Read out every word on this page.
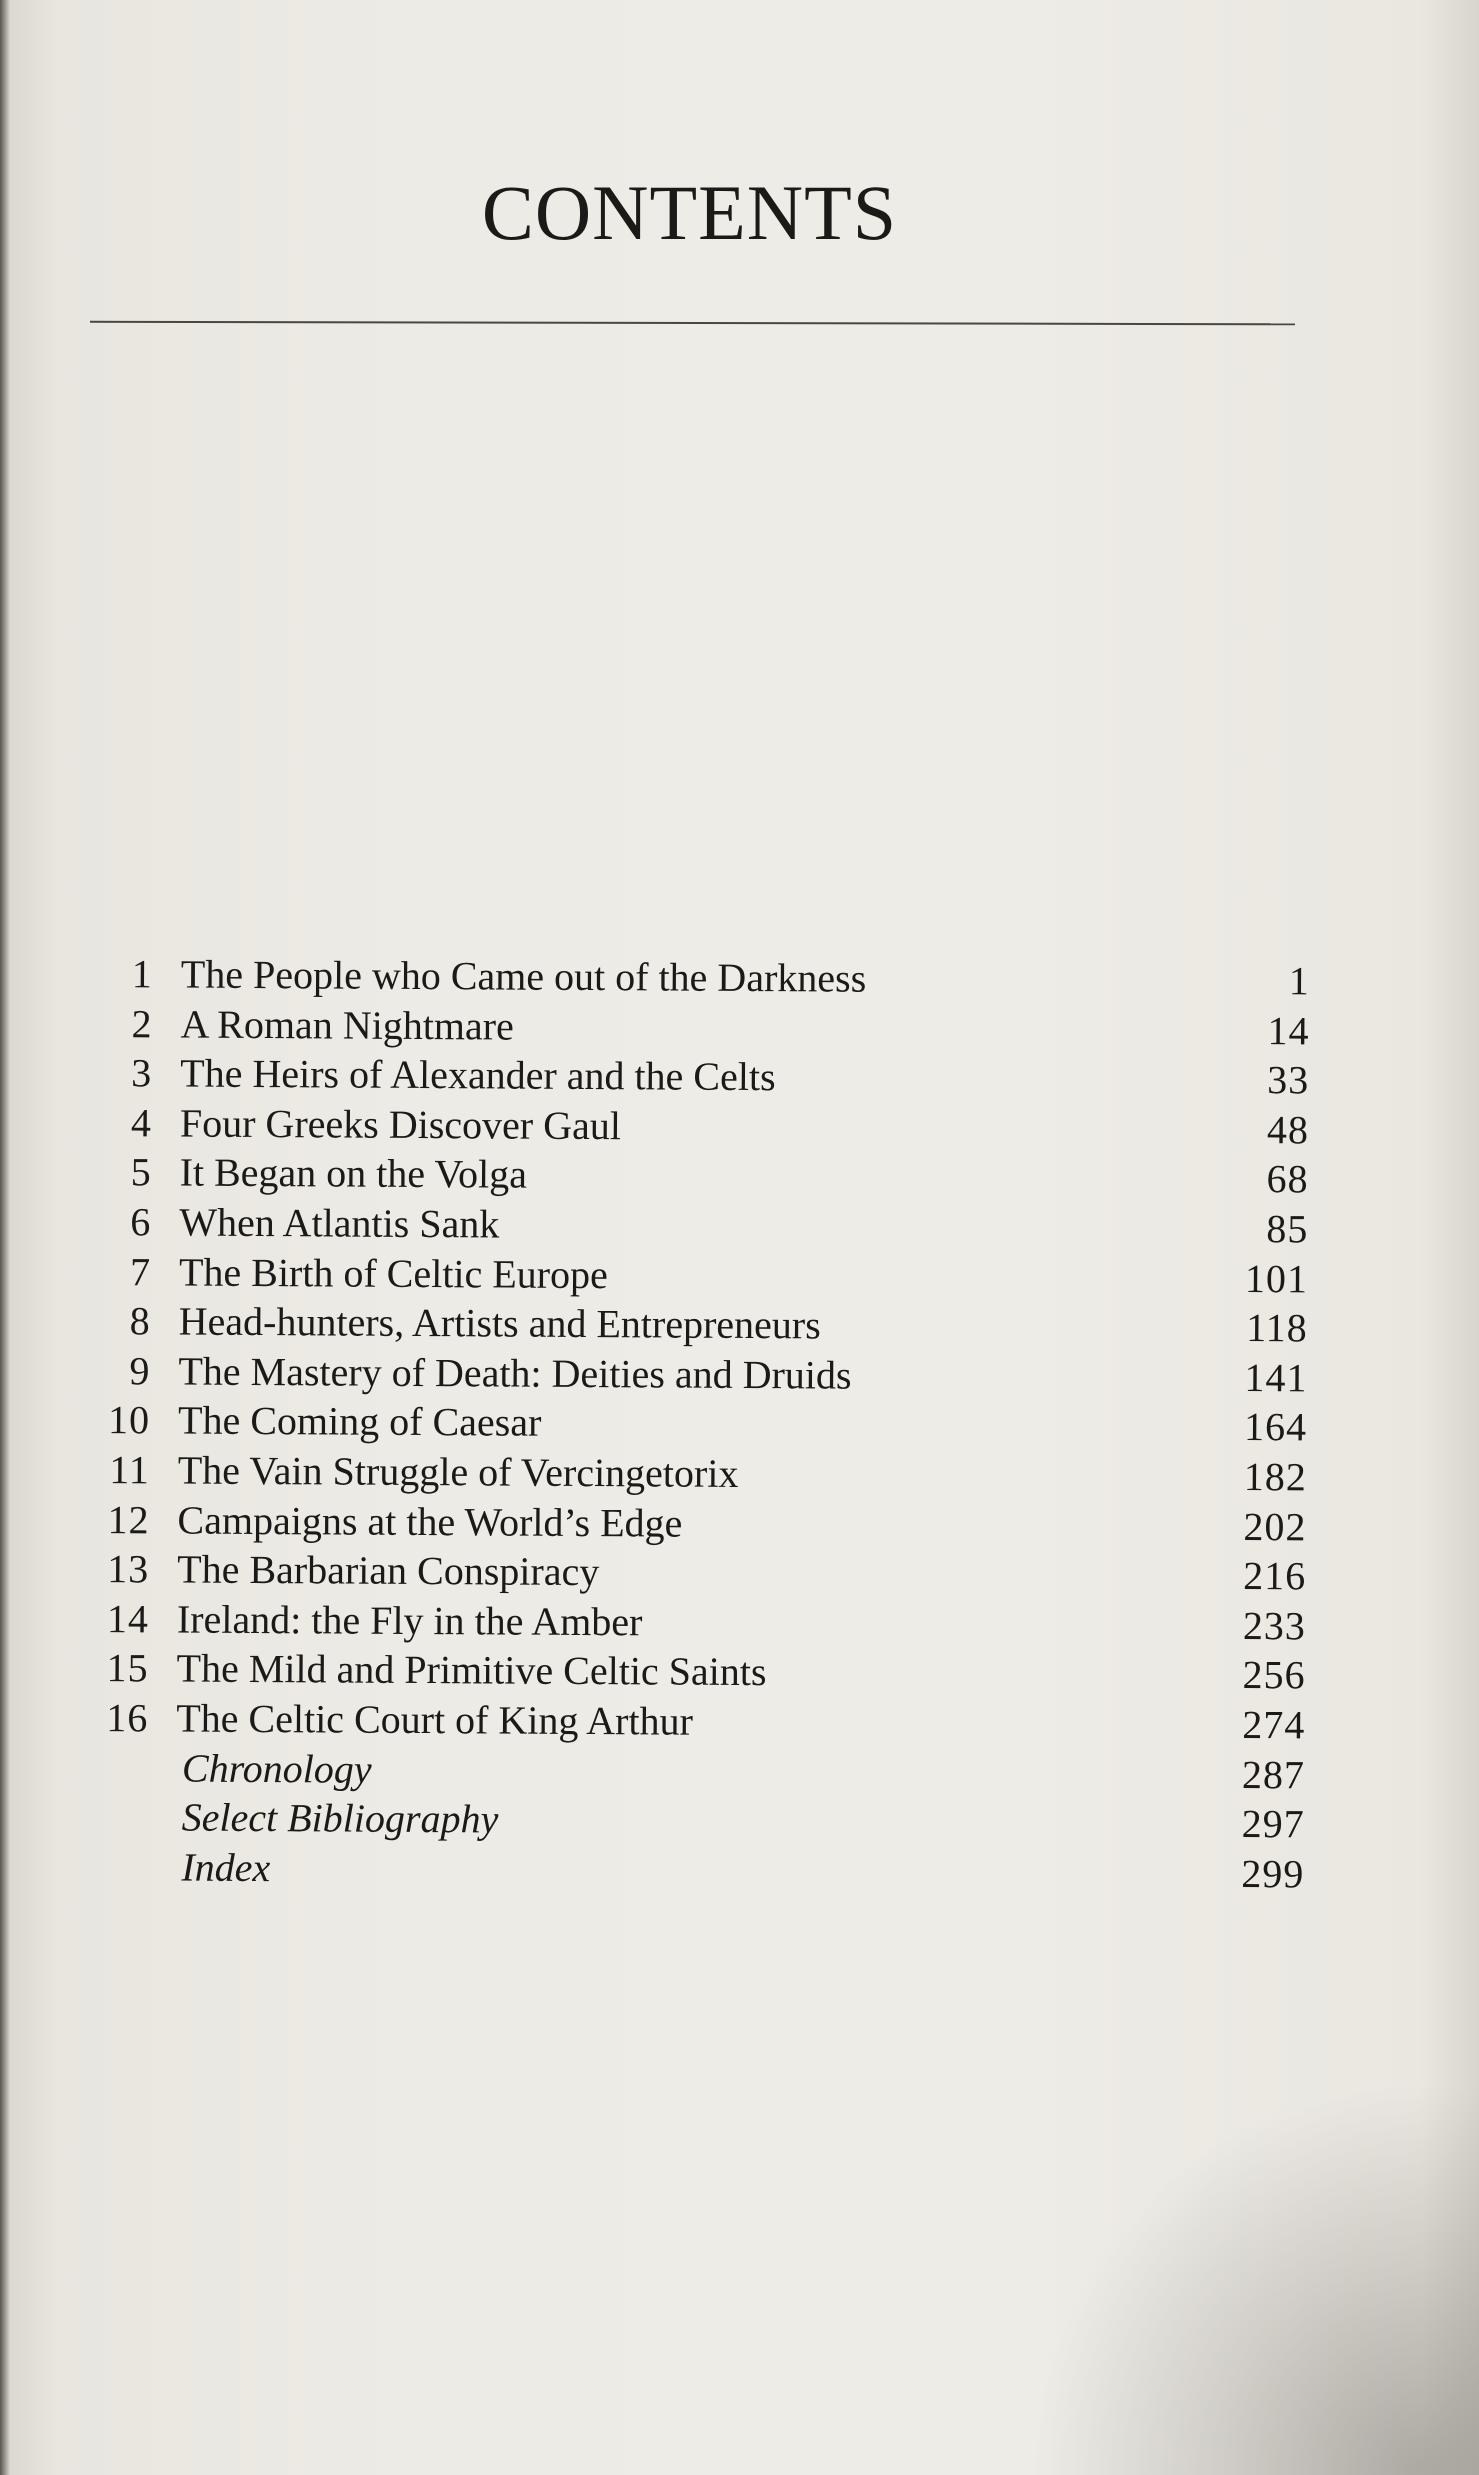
CONTENTS
1 The People who Came out of the Darkness	1
2 A Roman Nightmare	14
3 The Heirs of Alexander and the Celts	33
4 Four Greeks Discover Gaul	48
5 It Began on the Volga	68
6 When Atlantis Sank	85
7 The Birth of Celtic Europe	101
8 Head-hunters, Artists and Entrepreneurs	118
9 The Mastery of Death: Deities and Druids	141
10 The Coming of Caesar	164
11 The Vain Struggle of Vercingetorix	182
12 Campaigns at the World’s Edge	202
13 The Barbarian Conspiracy	216
14 Ireland: the Fly in the Amber	233
15 The Mild and Primitive Celtic Saints	256
16 The Celtic Court of King Arthur	274
Chronology	287
Select Bibliography	297
Index	299
